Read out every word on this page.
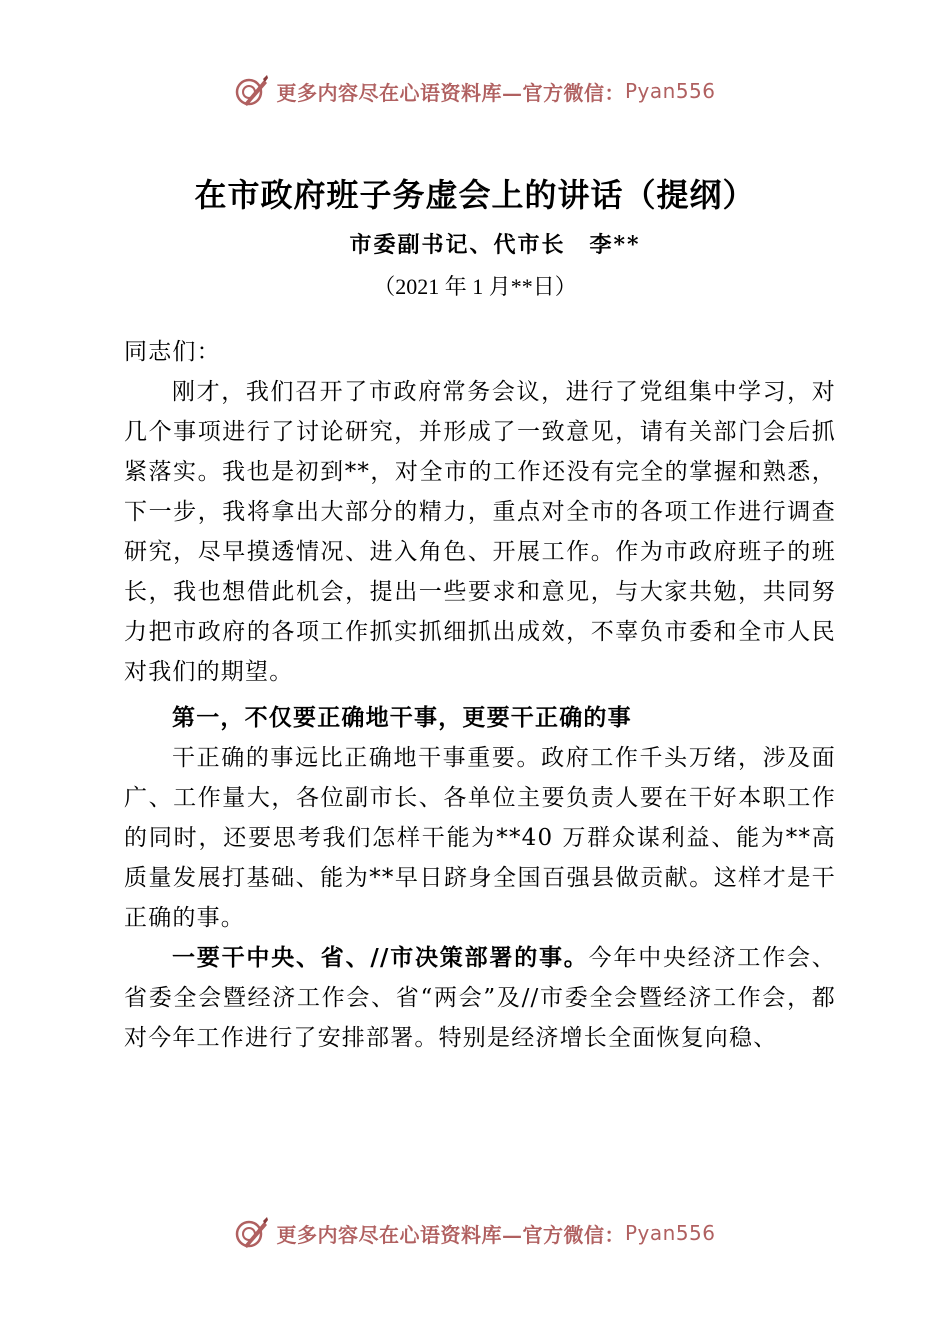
更多内容尽在心语资料库—官方微信： Pyan556
在市政府班子务虚会上的讲话（提纲）
市委副书记、代市长　李**
（2021 年 1 月**日）

同志们：

刚才，我们召开了市政府常务会议，进行了党组集中学习，对几个事项进行了讨论研究，并形成了一致意见，请有关部门会后抓紧落实。我也是初到**，对全市的工作还没有完全的掌握和熟悉，下一步，我将拿出大部分的精力，重点对全市的各项工作进行调查研究，尽早摸透情况、进入角色、开展工作。作为市政府班子的班长，我也想借此机会，提出一些要求和意见，与大家共勉，共同努力把市政府的各项工作抓实抓细抓出成效，不辜负市委和全市人民对我们的期望。

第一，不仅要正确地干事，更要干正确的事

干正确的事远比正确地干事重要。政府工作千头万绪，涉及面广、工作量大，各位副市长、各单位主要负责人要在干好本职工作的同时，还要思考我们怎样干能为**40 万群众谋利益、能为**高质量发展打基础、能为**早日跻身全国百强县做贡献。这样才是干正确的事。

一要干中央、省、//市决策部署的事。今年中央经济工作会、省委全会暨经济工作会、省“两会”及//市委全会暨经济工作会，都对今年工作进行了安排部署。特别是经济增长全面恢复向稳、

更多内容尽在心语资料库—官方微信： Pyan556
